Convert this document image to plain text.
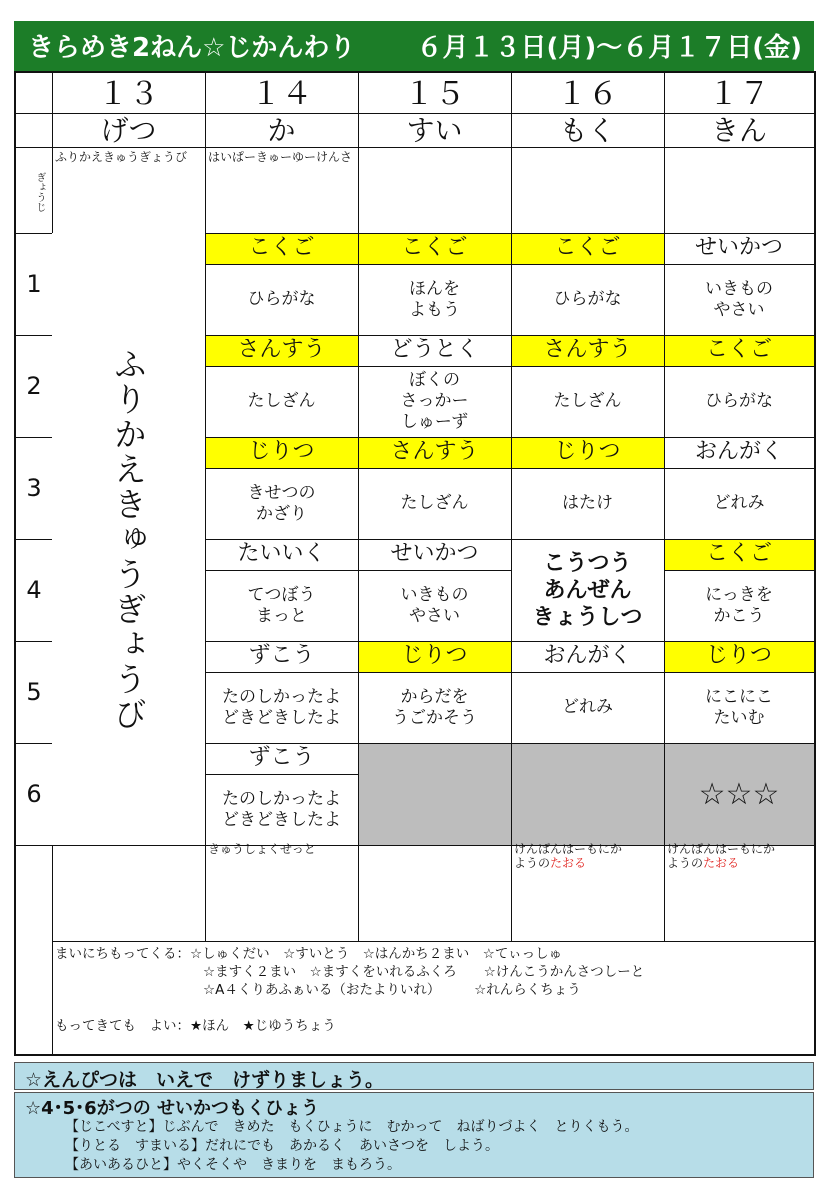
きらめき2ねん☆じかんわり ６月１３日(月)～６月１７日(金)
１３
げつ
１４
か
１５
すい
１６
もく
１７
きん
ぎょうじ
ふりかえきゅうぎょうび	はいぱーきゅーゆーけんさ
1
2
3
4
5
6
こくご
ひらがな
さんすう
たしざん
じりつ
きせつの
かざり
たいいく
てつぼう
まっと
ずこう
たのしかったよ
どきどきしたよ
ずこう
たのしかったよ
どきどきしたよ
こくご
ほんを
よもう
どうとく
ぼくの
さっかー
しゅーず
さんすう
たしざん
せいかつ
いきもの
やさい
じりつ
からだを
うごかそう
こくご
ひらがな
さんすう
たしざん
じりつ
はたけ
こうつう
あんぜん
きょうしつ
おんがく
どれみ
せいかつ
いきもの
やさい
こくご
ひらがな
おんがく
どれみ
こくご
にっきを
かこう
じりつ
にこにこ
たいむ
☆☆☆
きゅうしょくせっと	けんばんはーもにか
ようのたおる
けんばんはーもにか
ようのたおる
まいにちもってくる：☆しゅくだい　☆すいとう　☆はんかち２まい　☆てぃっしゅ
☆ますく２まい　☆ますくをいれるふくろ　　☆けんこうかんさつしーと
☆A４くりあふぁいる（おたよりいれ）　　　☆れんらくちょう
もってきても　よい：★ほん　★じゆうちょう
ふりかえきゅうぎょうび
☆えんぴつは　いえで　けずりましょう。
☆4･5･6がつの せいかつもくひょう
【じこべすと】じぶんで　きめた　もくひょうに　むかって　ねばりづよく　とりくもう。
【りとる　すまいる】だれにでも　あかるく　あいさつを　しよう。
【あいあるひと】やくそくや　きまりを　まもろう。
